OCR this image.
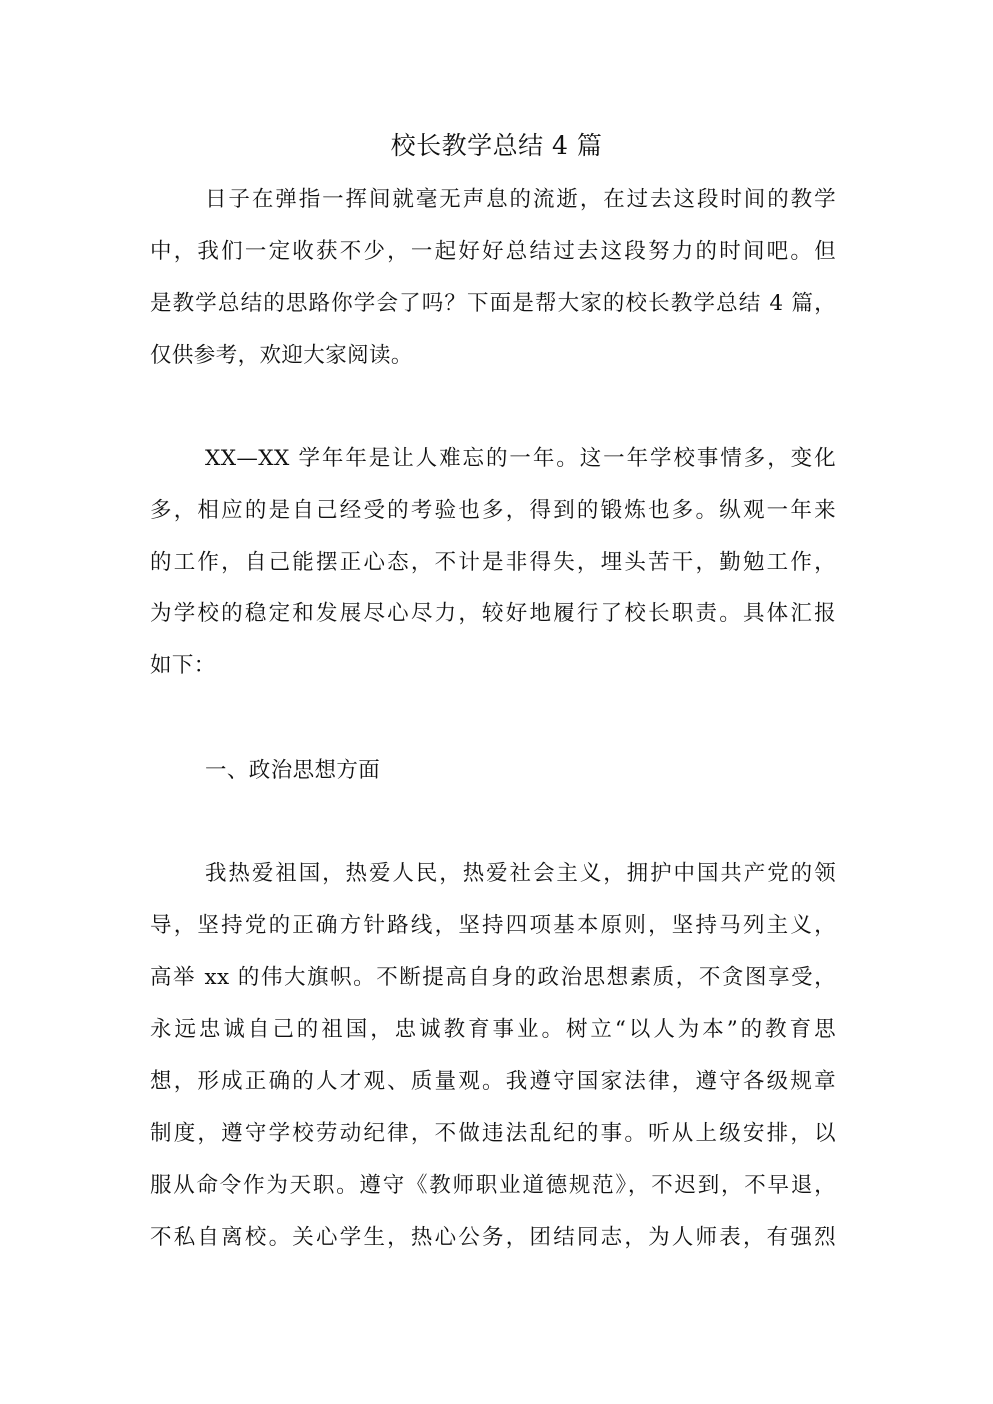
校长教学总结 4 篇
日子在弹指一挥间就毫无声息的流逝，在过去这段时间的教学
中，我们一定收获不少，一起好好总结过去这段努力的时间吧。但
是教学总结的思路你学会了吗？下面是帮大家的校长教学总结 4 篇，
仅供参考，欢迎大家阅读。
XX—XX 学年年是让人难忘的一年。这一年学校事情多，变化
多，相应的是自己经受的考验也多，得到的锻炼也多。纵观一年来
的工作，自己能摆正心态，不计是非得失，埋头苦干，勤勉工作，
为学校的稳定和发展尽心尽力，较好地履行了校长职责。具体汇报
如下：
一、政治思想方面
我热爱祖国，热爱人民，热爱社会主义，拥护中国共产党的领
导，坚持党的正确方针路线，坚持四项基本原则，坚持马列主义，
高举 xx 的伟大旗帜。不断提高自身的政治思想素质，不贪图享受，
永远忠诚自己的祖国，忠诚教育事业。树立“以人为本”的教育思
想，形成正确的人才观、质量观。我遵守国家法律，遵守各级规章
制度，遵守学校劳动纪律，不做违法乱纪的事。听从上级安排，以
服从命令作为天职。遵守《教师职业道德规范》，不迟到，不早退，
不私自离校。关心学生，热心公务，团结同志，为人师表，有强烈
